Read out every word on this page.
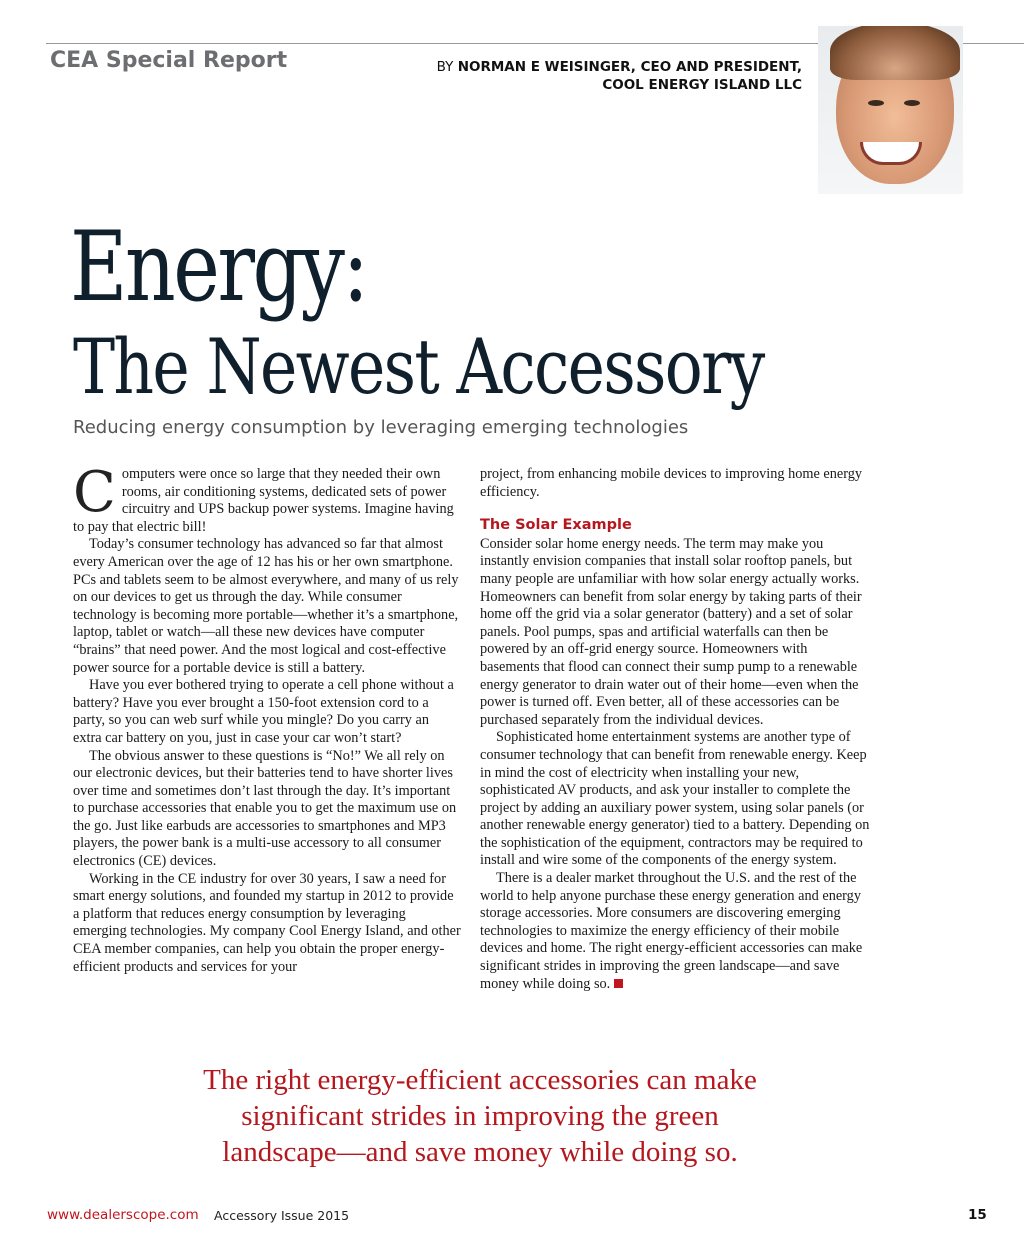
CEA Special Report	BY NORMAN E WEISINGER, CEO AND PRESIDENT,
COOL ENERGY ISLAND LLC
Energy:
The Newest Accessory
Reducing energy consumption by leveraging emerging technologies

Computers were once so large that they needed their own rooms, air conditioning systems, dedicated sets of power circuitry and UPS backup power systems. Imagine having to pay that electric bill!

Today’s consumer technology has advanced so far that almost every American over the age of 12 has his or her own smartphone. PCs and tablets seem to be almost everywhere, and many of us rely on our devices to get us through the day. While consumer technology is becoming more portable—whether it’s a smartphone, laptop, tablet or watch—all these new devices have computer “brains” that need power. And the most logical and cost-effective power source for a portable device is still a battery.

Have you ever bothered trying to operate a cell phone without a battery? Have you ever brought a 150-foot extension cord to a party, so you can web surf while you mingle? Do you carry an extra car battery on you, just in case your car won’t start?

The obvious answer to these questions is “No!” We all rely on our electronic devices, but their batteries tend to have shorter lives over time and sometimes don’t last through the day. It’s important to purchase accessories that enable you to get the maximum use on the go. Just like earbuds are accessories to smartphones and MP3 players, the power bank is a multi-use accessory to all consumer electronics (CE) devices.

Working in the CE industry for over 30 years, I saw a need for smart energy solutions, and founded my startup in 2012 to provide a platform that reduces energy consumption by leveraging emerging technologies. My company Cool Energy Island, and other CEA member companies, can help you obtain the proper energy-efficient products and services for your

project, from enhancing mobile devices to improving home energy efficiency.

The Solar Example

Consider solar home energy needs. The term may make you instantly envision companies that install solar rooftop panels, but many people are unfamiliar with how solar energy actually works. Homeowners can benefit from solar energy by taking parts of their home off the grid via a solar generator (battery) and a set of solar panels. Pool pumps, spas and artificial waterfalls can then be powered by an off-grid energy source. Homeowners with basements that flood can connect their sump pump to a renewable energy generator to drain water out of their home—even when the power is turned off. Even better, all of these accessories can be purchased separately from the individual devices.

Sophisticated home entertainment systems are another type of consumer technology that can benefit from renewable energy. Keep in mind the cost of electricity when installing your new, sophisticated AV products, and ask your installer to complete the project by adding an auxiliary power system, using solar panels (or another renewable energy generator) tied to a battery. Depending on the sophistication of the equipment, contractors may be required to install and wire some of the components of the energy system.

There is a dealer market throughout the U.S. and the rest of the world to help anyone purchase these energy generation and energy storage accessories. More consumers are discovering emerging technologies to maximize the energy efficiency of their mobile devices and home. The right energy-efficient accessories can make significant strides in improving the green landscape—and save money while doing so.

The right energy-efficient accessories can make
significant strides in improving the green
landscape—and save money while doing so.
www.dealerscope.com Accessory Issue 2015	15
